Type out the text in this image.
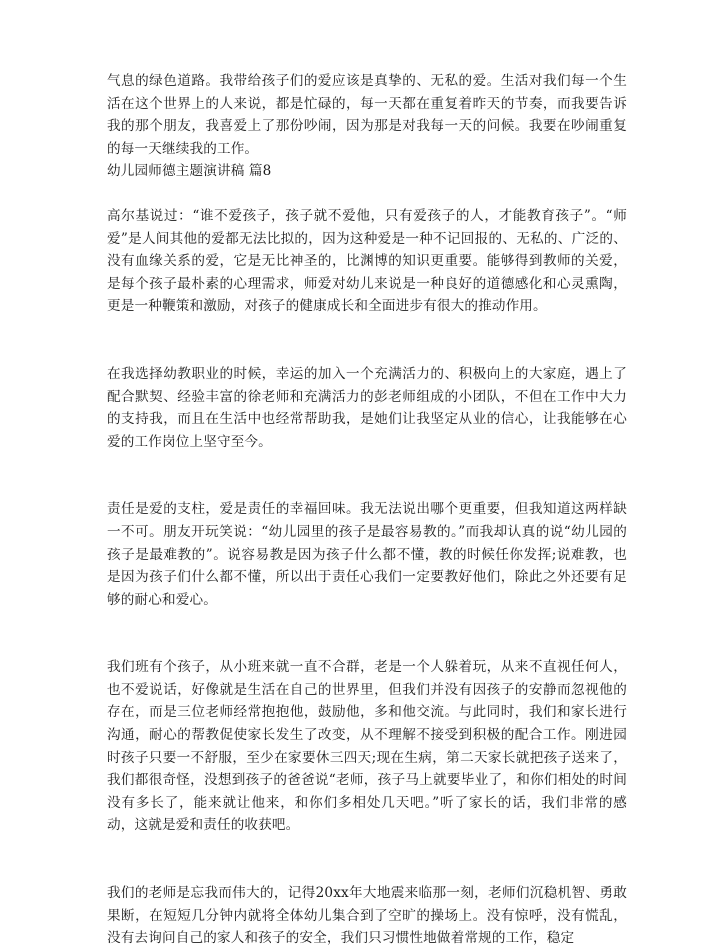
气息的绿色道路。我带给孩子们的爱应该是真挚的、无私的爱。生活对我们每一个生活在这个世界上的人来说，都是忙碌的，每一天都在重复着昨天的节奏，而我要告诉我的那个朋友，我喜爱上了那份吵闹，因为那是对我每一天的问候。我要在吵闹重复的每一天继续我的工作。

幼儿园师德主题演讲稿 篇8

高尔基说过：“谁不爱孩子，孩子就不爱他，只有爱孩子的人，才能教育孩子”。“师爱”是人间其他的爱都无法比拟的，因为这种爱是一种不记回报的、无私的、广泛的、没有血缘关系的爱，它是无比神圣的，比渊博的知识更重要。能够得到教师的关爱，是每个孩子最朴素的心理需求，师爱对幼儿来说是一种良好的道德感化和心灵熏陶，更是一种鞭策和激励，对孩子的健康成长和全面进步有很大的推动作用。

在我选择幼教职业的时候，幸运的加入一个充满活力的、积极向上的大家庭，遇上了配合默契、经验丰富的徐老师和充满活力的彭老师组成的小团队，不但在工作中大力的支持我，而且在生活中也经常帮助我，是她们让我坚定从业的信心，让我能够在心爱的工作岗位上坚守至今。

责任是爱的支柱，爱是责任的幸福回味。我无法说出哪个更重要，但我知道这两样缺一不可。朋友开玩笑说：“幼儿园里的孩子是最容易教的。”而我却认真的说“幼儿园的孩子是最难教的”。说容易教是因为孩子什么都不懂，教的时候任你发挥;说难教，也是因为孩子们什么都不懂，所以出于责任心我们一定要教好他们，除此之外还要有足够的耐心和爱心。

我们班有个孩子，从小班来就一直不合群，老是一个人躲着玩，从来不直视任何人，也不爱说话，好像就是生活在自己的世界里，但我们并没有因孩子的安静而忽视他的存在，而是三位老师经常抱抱他，鼓励他，多和他交流。与此同时，我们和家长进行沟通，耐心的帮教促使家长发生了改变，从不理解不接受到积极的配合工作。刚进园时孩子只要一不舒服，至少在家要休三四天;现在生病，第二天家长就把孩子送来了，我们都很奇怪，没想到孩子的爸爸说“老师，孩子马上就要毕业了，和你们相处的时间没有多长了，能来就让他来，和你们多相处几天吧。”听了家长的话，我们非常的感动，这就是爱和责任的收获吧。

我们的老师是忘我而伟大的，记得20xx年大地震来临那一刻，老师们沉稳机智、勇敢果断，在短短几分钟内就将全体幼儿集合到了空旷的操场上。没有惊呼，没有慌乱，没有去询问自己的家人和孩子的安全，我们只习惯性地做着常规的工作，稳定
